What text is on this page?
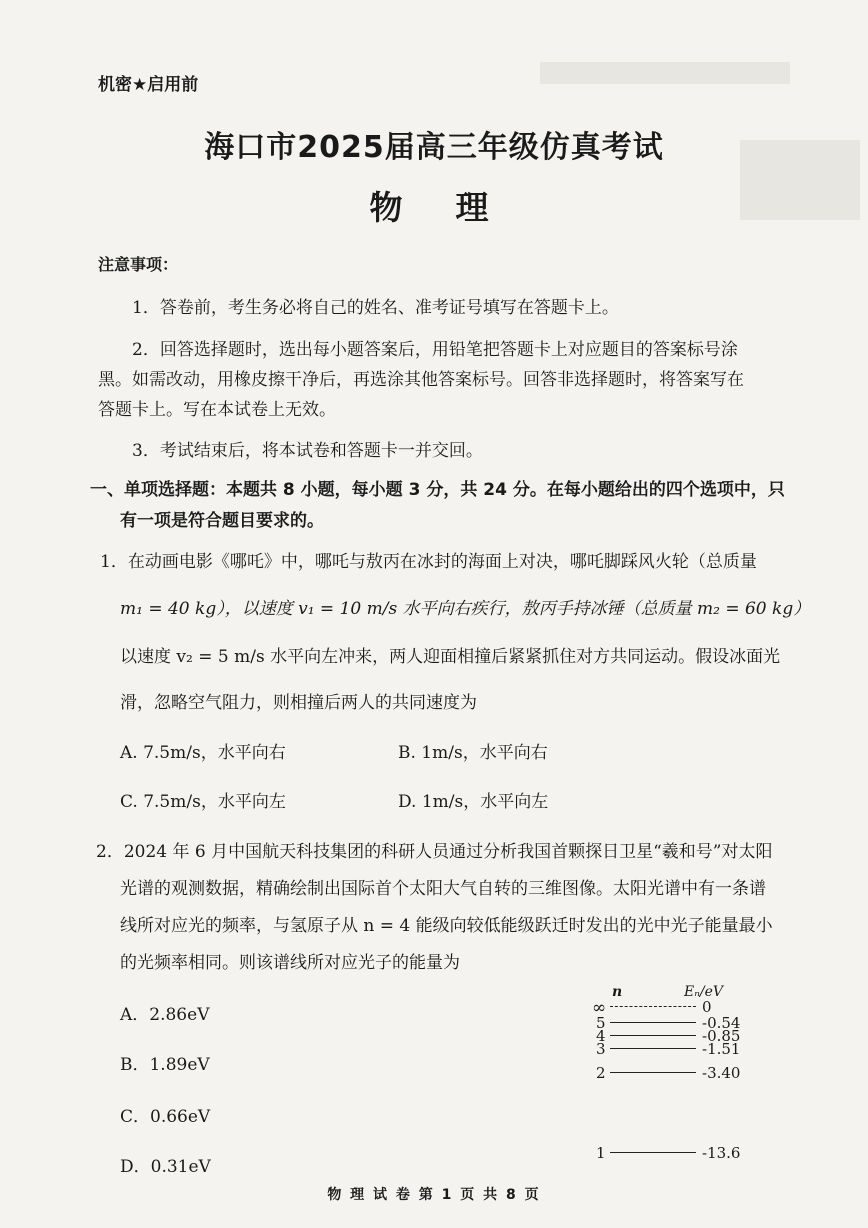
机密★启用前
海口市2025届高三年级仿真考试
物　理
注意事项：
1．答卷前，考生务必将自己的姓名、准考证号填写在答题卡上。
2．回答选择题时，选出每小题答案后，用铅笔把答题卡上对应题目的答案标号涂
黑。如需改动，用橡皮擦干净后，再选涂其他答案标号。回答非选择题时，将答案写在
答题卡上。写在本试卷上无效。
3．考试结束后，将本试卷和答题卡一并交回。
一、单项选择题：本题共 8 小题，每小题 3 分，共 24 分。在每小题给出的四个选项中，只
有一项是符合题目要求的。
1．在动画电影《哪吒》中，哪吒与敖丙在冰封的海面上对决，哪吒脚踩风火轮（总质量
m₁ = 40 kg），以速度 v₁ = 10 m/s 水平向右疾行，敖丙手持冰锤（总质量 m₂ = 60 kg）
以速度 v₂ = 5 m/s 水平向左冲来，两人迎面相撞后紧紧抓住对方共同运动。假设冰面光
滑，忽略空气阻力，则相撞后两人的共同速度为
A. 7.5m/s，水平向右	B. 1m/s，水平向右
C. 7.5m/s，水平向左	D. 1m/s，水平向左
2．2024 年 6 月中国航天科技集团的科研人员通过分析我国首颗探日卫星“羲和号”对太阳
光谱的观测数据，精确绘制出国际首个太阳大气自转的三维图像。太阳光谱中有一条谱
线所对应光的频率，与氢原子从 n = 4 能级向较低能级跃迁时发出的光中光子能量最小
的光频率相同。则该谱线所对应光子的能量为
A．2.86eV
B．1.89eV
C．0.66eV
D．0.31eV
n	Eₙ/eV
∞	0
5	-0.54
4	-0.85
3	-1.51
2	-3.40
1	-13.6
物 理 试 卷 第 1 页 共 8 页
